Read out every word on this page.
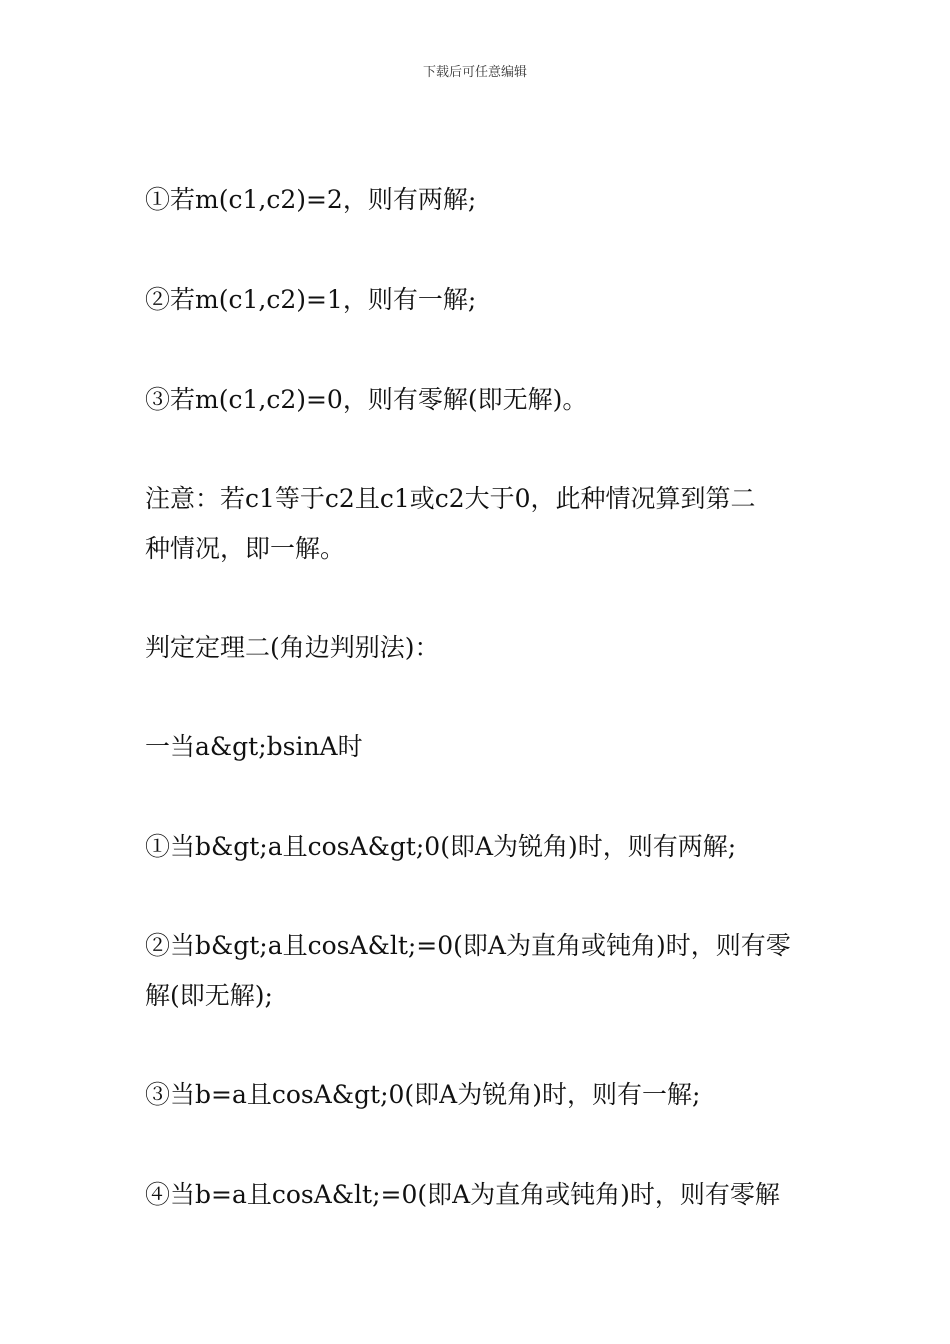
下载后可任意编辑
①若m(c1,c2)=2，则有两解;
②若m(c1,c2)=1，则有一解;
③若m(c1,c2)=0，则有零解(即无解)。
注意：若c1等于c2且c1或c2大于0，此种情况算到第二
种情况，即一解。
判定定理二(角边判别法)：
一当a&gt;bsinA时
①当b&gt;a且cosA&gt;0(即A为锐角)时，则有两解;
②当b&gt;a且cosA&lt;=0(即A为直角或钝角)时，则有零
解(即无解);
③当b=a且cosA&gt;0(即A为锐角)时，则有一解;
④当b=a且cosA&lt;=0(即A为直角或钝角)时，则有零解
